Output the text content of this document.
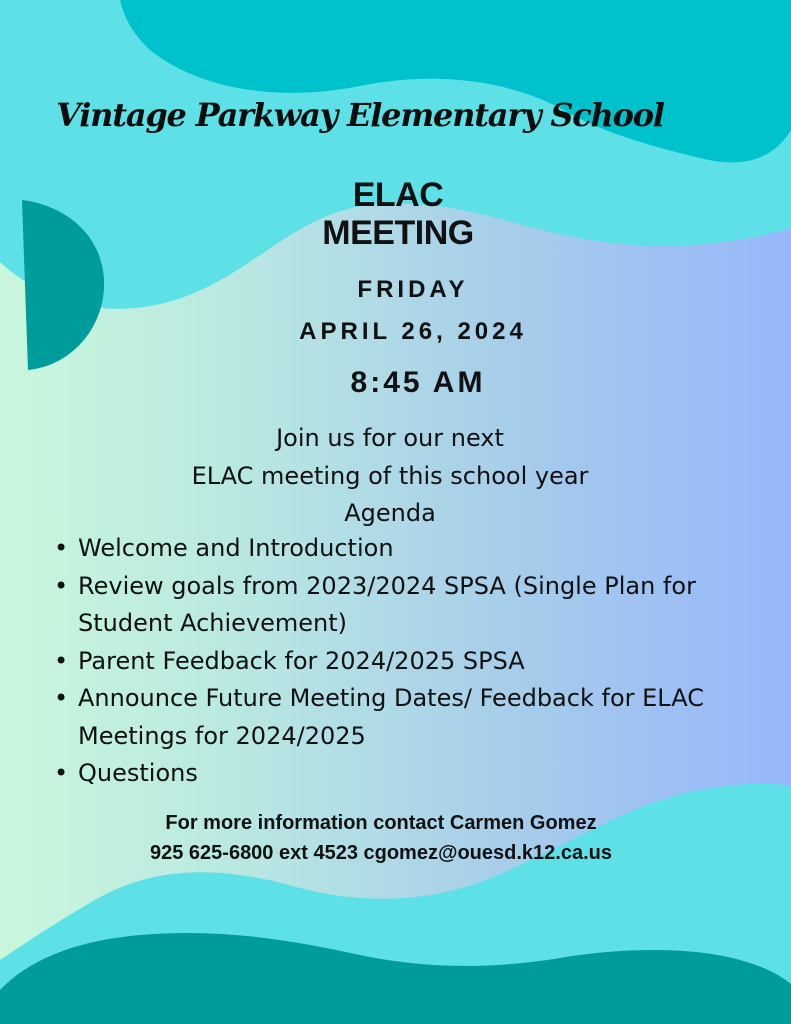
Vintage Parkway Elementary School
ELAC
MEETING
FRIDAY
APRIL 26, 2024
8:45 AM
Join us for our next
ELAC meeting of this school year
Agenda
• Welcome and Introduction
• Review goals from 2023/2024 SPSA (Single Plan for Student Achievement)
• Parent Feedback for 2024/2025 SPSA
• Announce Future Meeting Dates/ Feedback for ELAC Meetings for 2024/2025
• Questions
For more information contact Carmen Gomez
925 625-6800 ext 4523 cgomez@ouesd.k12.ca.us
